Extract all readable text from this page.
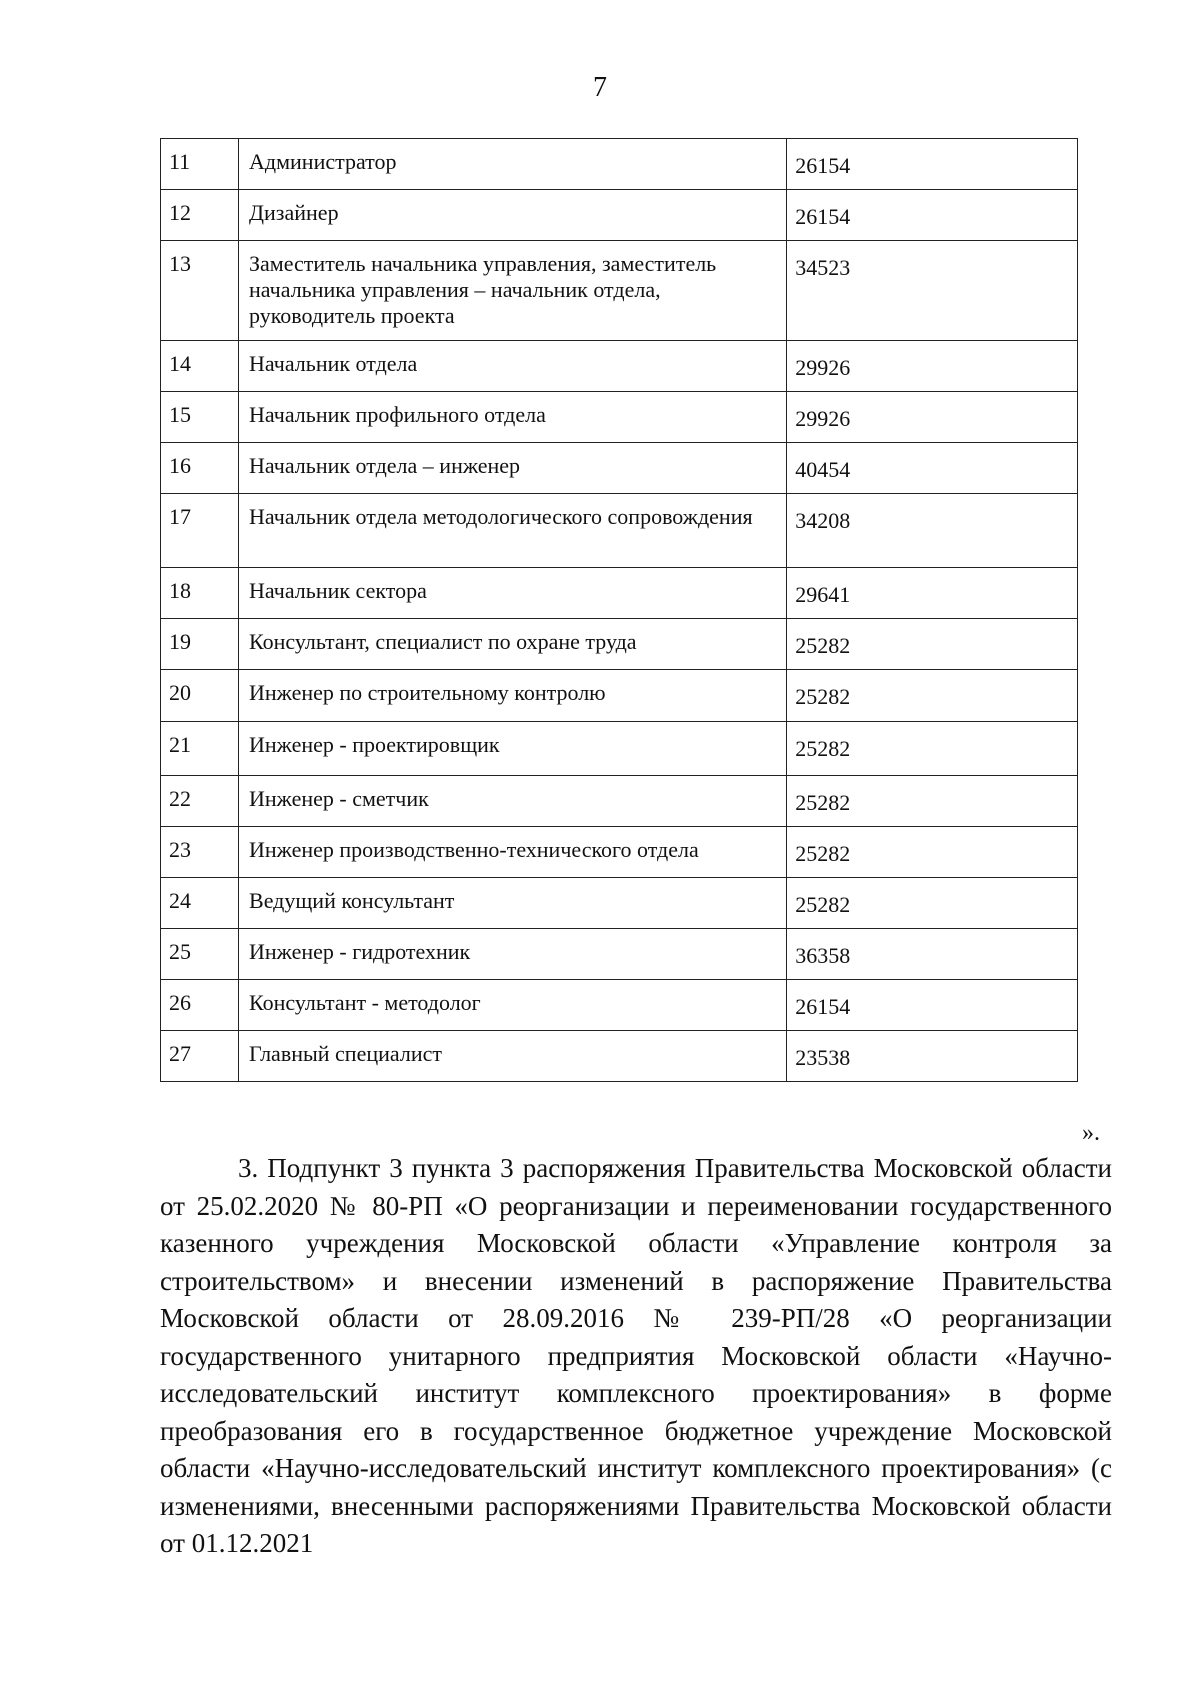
7
11	Администратор	26154
12	Дизайнер	26154
13	Заместитель начальника управления, заместитель начальника управления – начальник отдела, руководитель проекта	34523
14	Начальник отдела	29926
15	Начальник профильного отдела	29926
16	Начальник отдела – инженер	40454
17	Начальник отдела методологического сопровождения	34208
18	Начальник сектора	29641
19	Консультант, специалист по охране труда	25282
20	Инженер по строительному контролю	25282
21	Инженер - проектировщик	25282
22	Инженер - сметчик	25282
23	Инженер производственно-технического отдела	25282
24	Ведущий консультант	25282
25	Инженер - гидротехник	36358
26	Консультант - методолог	26154
27	Главный специалист	23538
».
3. Подпункт 3 пункта 3 распоряжения Правительства Московской области от 25.02.2020 № 80-РП «О реорганизации и переименовании государственного казенного учреждения Московской области «Управление контроля за строительством» и внесении изменений в распоряжение Правительства Московской области от 28.09.2016 № 239-РП/28 «О реорганизации государственного унитарного предприятия Московской области «Научно-исследовательский институт комплексного проектирования» в форме преобразования его в государственное бюджетное учреждение Московской области «Научно-исследовательский институт комплексного проектирования» (с изменениями, внесенными распоряжениями Правительства Московской области от 01.12.2021
